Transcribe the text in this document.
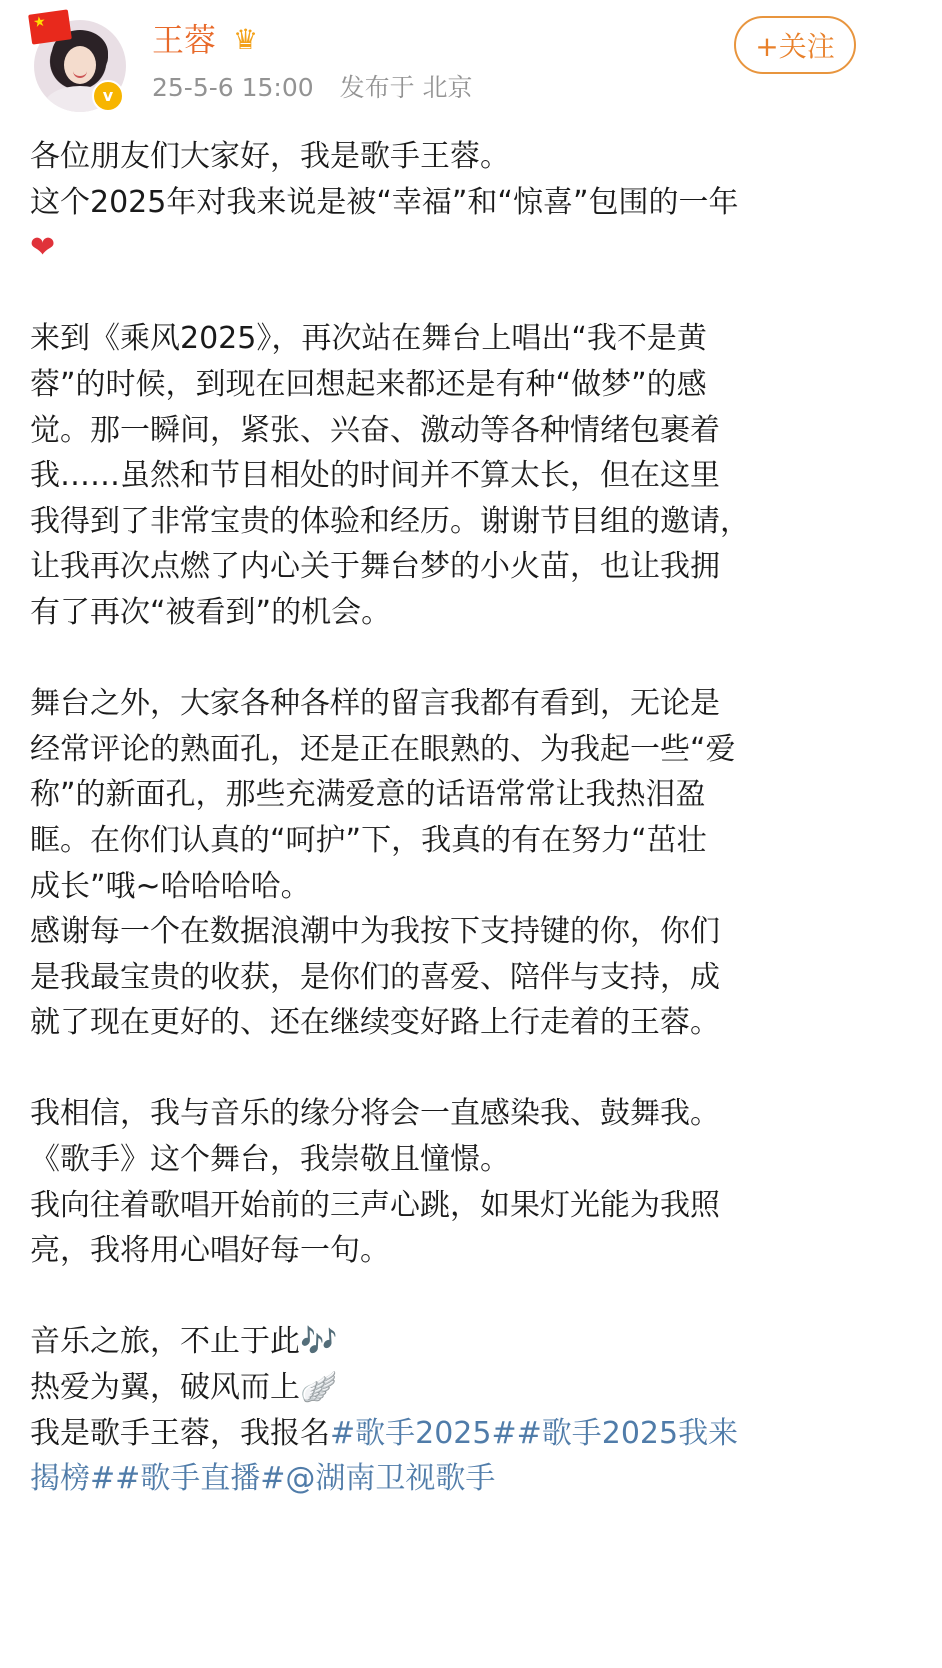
★
v
王蓉 ♛
25-5-6 15:00 发布于 北京
+关注
各位朋友们大家好，我是歌手王蓉。
这个2025年对我来说是被“幸福”和“惊喜”包围的一年
❤
来到《乘风2025》，再次站在舞台上唱出“我不是黄
蓉”的时候，到现在回想起来都还是有种“做梦”的感
觉。那一瞬间，紧张、兴奋、激动等各种情绪包裹着
我……虽然和节目相处的时间并不算太长，但在这里
我得到了非常宝贵的体验和经历。谢谢节目组的邀请，
让我再次点燃了内心关于舞台梦的小火苗，也让我拥
有了再次“被看到”的机会。
舞台之外，大家各种各样的留言我都有看到，无论是
经常评论的熟面孔，还是正在眼熟的、为我起一些“爱
称”的新面孔，那些充满爱意的话语常常让我热泪盈
眶。在你们认真的“呵护”下，我真的有在努力“茁壮
成长”哦~哈哈哈哈。
感谢每一个在数据浪潮中为我按下支持键的你，你们
是我最宝贵的收获，是你们的喜爱、陪伴与支持，成
就了现在更好的、还在继续变好路上行走着的王蓉。
我相信，我与音乐的缘分将会一直感染我、鼓舞我。
《歌手》这个舞台，我崇敬且憧憬。
我向往着歌唱开始前的三声心跳，如果灯光能为我照
亮，我将用心唱好每一句。
音乐之旅，不止于此🎶
热爱为翼，破风而上🪽
我是歌手王蓉，我报名#歌手2025##歌手2025我来
揭榜##歌手直播#@湖南卫视歌手
